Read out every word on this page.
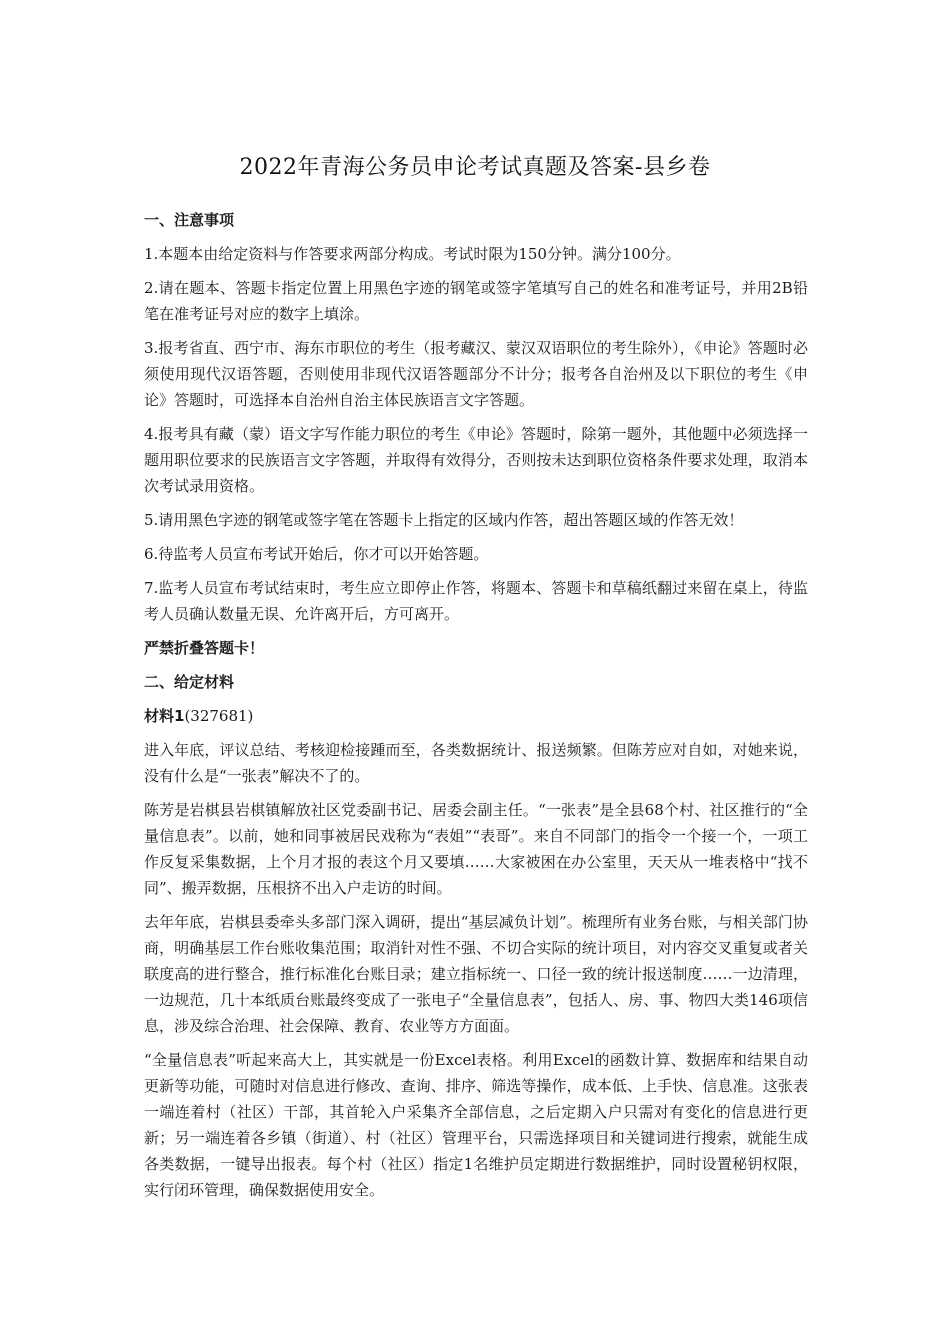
2022年青海公务员申论考试真题及答案-县乡卷
一、注意事项

1.本题本由给定资料与作答要求两部分构成。考试时限为150分钟。满分100分。

2.请在题本、答题卡指定位置上用黑色字迹的钢笔或签字笔填写自己的姓名和准考证号，并用2B铅笔在准考证号对应的数字上填涂。

3.报考省直、西宁市、海东市职位的考生（报考藏汉、蒙汉双语职位的考生除外），《申论》答题时必须使用现代汉语答题，否则使用非现代汉语答题部分不计分；报考各自治州及以下职位的考生《申论》答题时，可选择本自治州自治主体民族语言文字答题。

4.报考具有藏（蒙）语文字写作能力职位的考生《申论》答题时，除第一题外，其他题中必须选择一题用职位要求的民族语言文字答题，并取得有效得分，否则按未达到职位资格条件要求处理，取消本次考试录用资格。

5.请用黑色字迹的钢笔或签字笔在答题卡上指定的区域内作答，超出答题区域的作答无效！

6.待监考人员宣布考试开始后，你才可以开始答题。

7.监考人员宣布考试结束时，考生应立即停止作答，将题本、答题卡和草稿纸翻过来留在桌上，待监考人员确认数量无误、允许离开后，方可离开。

严禁折叠答题卡！

二、给定材料
材料1(327681)

进入年底，评议总结、考核迎检接踵而至，各类数据统计、报送频繁。但陈芳应对自如，对她来说，没有什么是“一张表”解决不了的。

陈芳是岩棋县岩棋镇解放社区党委副书记、居委会副主任。“一张表”是全县68个村、社区推行的“全量信息表”。以前，她和同事被居民戏称为“表姐”“表哥”。来自不同部门的指令一个接一个，一项工作反复采集数据，上个月才报的表这个月又要填……大家被困在办公室里，天天从一堆表格中“找不同”、搬弄数据，压根挤不出入户走访的时间。

去年年底，岩棋县委牵头多部门深入调研，提出“基层减负计划”。梳理所有业务台账，与相关部门协商，明确基层工作台账收集范围；取消针对性不强、不切合实际的统计项目，对内容交叉重复或者关联度高的进行整合，推行标准化台账目录；建立指标统一、口径一致的统计报送制度……一边清理，一边规范，几十本纸质台账最终变成了一张电子“全量信息表”，包括人、房、事、物四大类146项信息，涉及综合治理、社会保障、教育、农业等方方面面。

“全量信息表”听起来高大上，其实就是一份Excel表格。利用Excel的函数计算、数据库和结果自动更新等功能，可随时对信息进行修改、查询、排序、筛选等操作，成本低、上手快、信息准。这张表一端连着村（社区）干部，其首轮入户采集齐全部信息，之后定期入户只需对有变化的信息进行更新；另一端连着各乡镇（街道）、村（社区）管理平台，只需选择项目和关键词进行搜索，就能生成各类数据，一键导出报表。每个村（社区）指定1名维护员定期进行数据维护，同时设置秘钥权限，实行闭环管理，确保数据使用安全。
